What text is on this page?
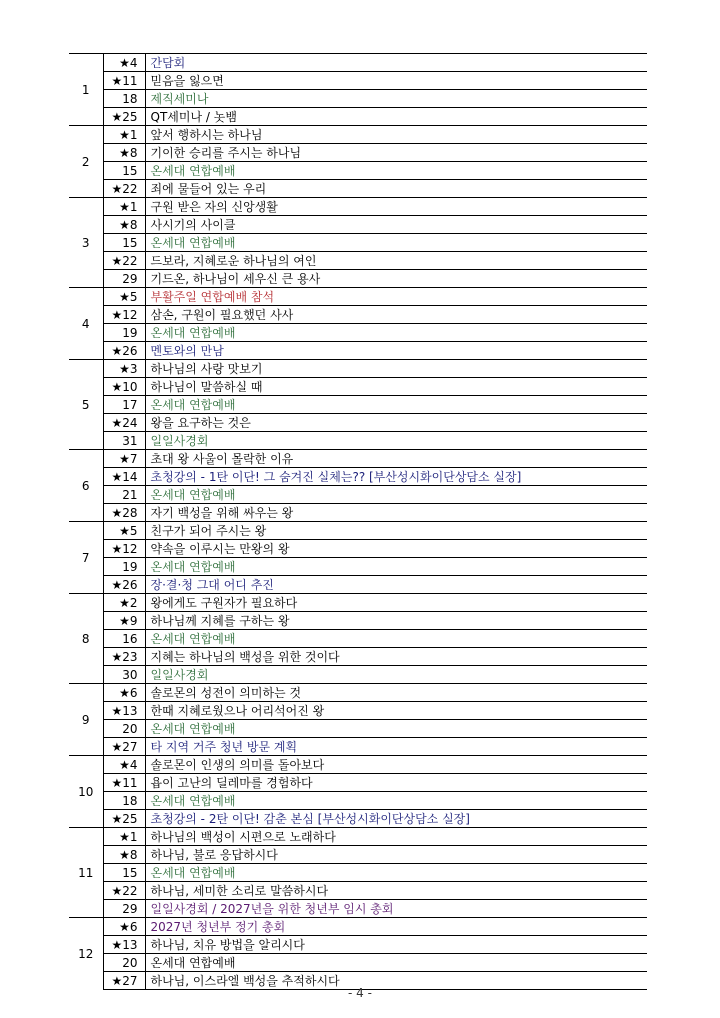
1	★4	간담회
	★11	믿음을 잃으면
	18	제직세미나
	★25	QT세미나 / 놋뱀
2	★1	앞서 행하시는 하나님
	★8	기이한 승리를 주시는 하나님
	15	온세대 연합예배
	★22	죄에 물들어 있는 우리
3	★1	구원 받은 자의 신앙생활
	★8	사시기의 사이클
	15	온세대 연합예배
	★22	드보라, 지혜로운 하나님의 여인
	29	기드온, 하나님이 세우신 큰 용사
4	★5	부활주일 연합예배 참석
	★12	삼손, 구원이 필요했던 사사
	19	온세대 연합예배
	★26	멘토와의 만남
5	★3	하나님의 사랑 맛보기
	★10	하나님이 말씀하실 때
	17	온세대 연합예배
	★24	왕을 요구하는 것은
	31	일일사경회
6	★7	초대 왕 사울이 몰락한 이유
	★14	초청강의 - 1탄 이단! 그 숨겨진 실체는?? [부산성시화이단상담소 실장]
	21	온세대 연합예배
	★28	자기 백성을 위해 싸우는 왕
7	★5	친구가 되어 주시는 왕
	★12	약속을 이루시는 만왕의 왕
	19	온세대 연합예배
	★26	장·결·청 그대 어디 추진
8	★2	왕에게도 구원자가 필요하다
	★9	하나님께 지혜를 구하는 왕
	16	온세대 연합예배
	★23	지혜는 하나님의 백성을 위한 것이다
	30	일일사경회
9	★6	솔로몬의 성전이 의미하는 것
	★13	한때 지혜로웠으나 어리석어진 왕
	20	온세대 연합예배
	★27	타 지역 거주 청년 방문 계획
10	★4	솔로몬이 인생의 의미를 돌아보다
	★11	욥이 고난의 딜레마를 경험하다
	18	온세대 연합예배
	★25	초청강의 - 2탄 이단! 감춘 본심 [부산성시화이단상담소 실장]
11	★1	하나님의 백성이 시편으로 노래하다
	★8	하나님, 불로 응답하시다
	15	온세대 연합예배
	★22	하나님, 세미한 소리로 말씀하시다
	29	일일사경회 / 2027년을 위한 청년부 임시 총회
12	★6	2027년 청년부 정기 총회
	★13	하나님, 치유 방법을 알리시다
	20	온세대 연합예배
	★27	하나님, 이스라엘 백성을 추적하시다
- 4 -
